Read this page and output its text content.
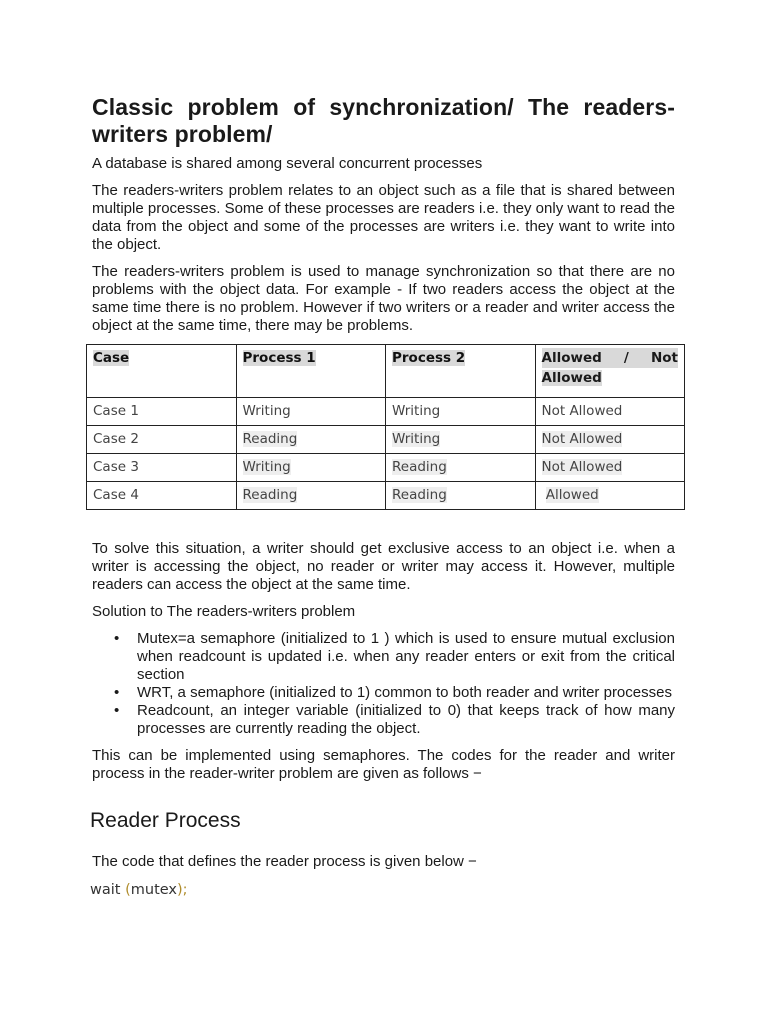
Classic problem of synchronization/ The readers-writers problem/

A database is shared among several concurrent processes

The readers-writers problem relates to an object such as a file that is shared between multiple processes. Some of these processes are readers i.e. they only want to read the data from the object and some of the processes are writers i.e. they want to write into the object.

The readers-writers problem is used to manage synchronization so that there are no problems with the object data. For example - If two readers access the object at the same time there is no problem. However if two writers or a reader and writer access the object at the same time, there may be problems.

Case	Process 1	Process 2	Allowed / Not
Allowed
Case 1	Writing	Writing	Not Allowed
Case 2	Reading	Writing	Not Allowed
Case 3	Writing	Reading	Not Allowed
Case 4	Reading	Reading	Allowed

To solve this situation, a writer should get exclusive access to an object i.e. when a writer is accessing the object, no reader or writer may access it. However, multiple readers can access the object at the same time.

Solution to The readers-writers problem

• Mutex=a semaphore (initialized to 1 ) which is used to ensure mutual exclusion when readcount is updated i.e. when any reader enters or exit from the critical section
• WRT, a semaphore (initialized to 1) common to both reader and writer processes
• Readcount, an integer variable (initialized to 0) that keeps track of how many processes are currently reading the object.

This can be implemented using semaphores. The codes for the reader and writer process in the reader-writer problem are given as follows −

Reader Process

The code that defines the reader process is given below −

wait (mutex);
